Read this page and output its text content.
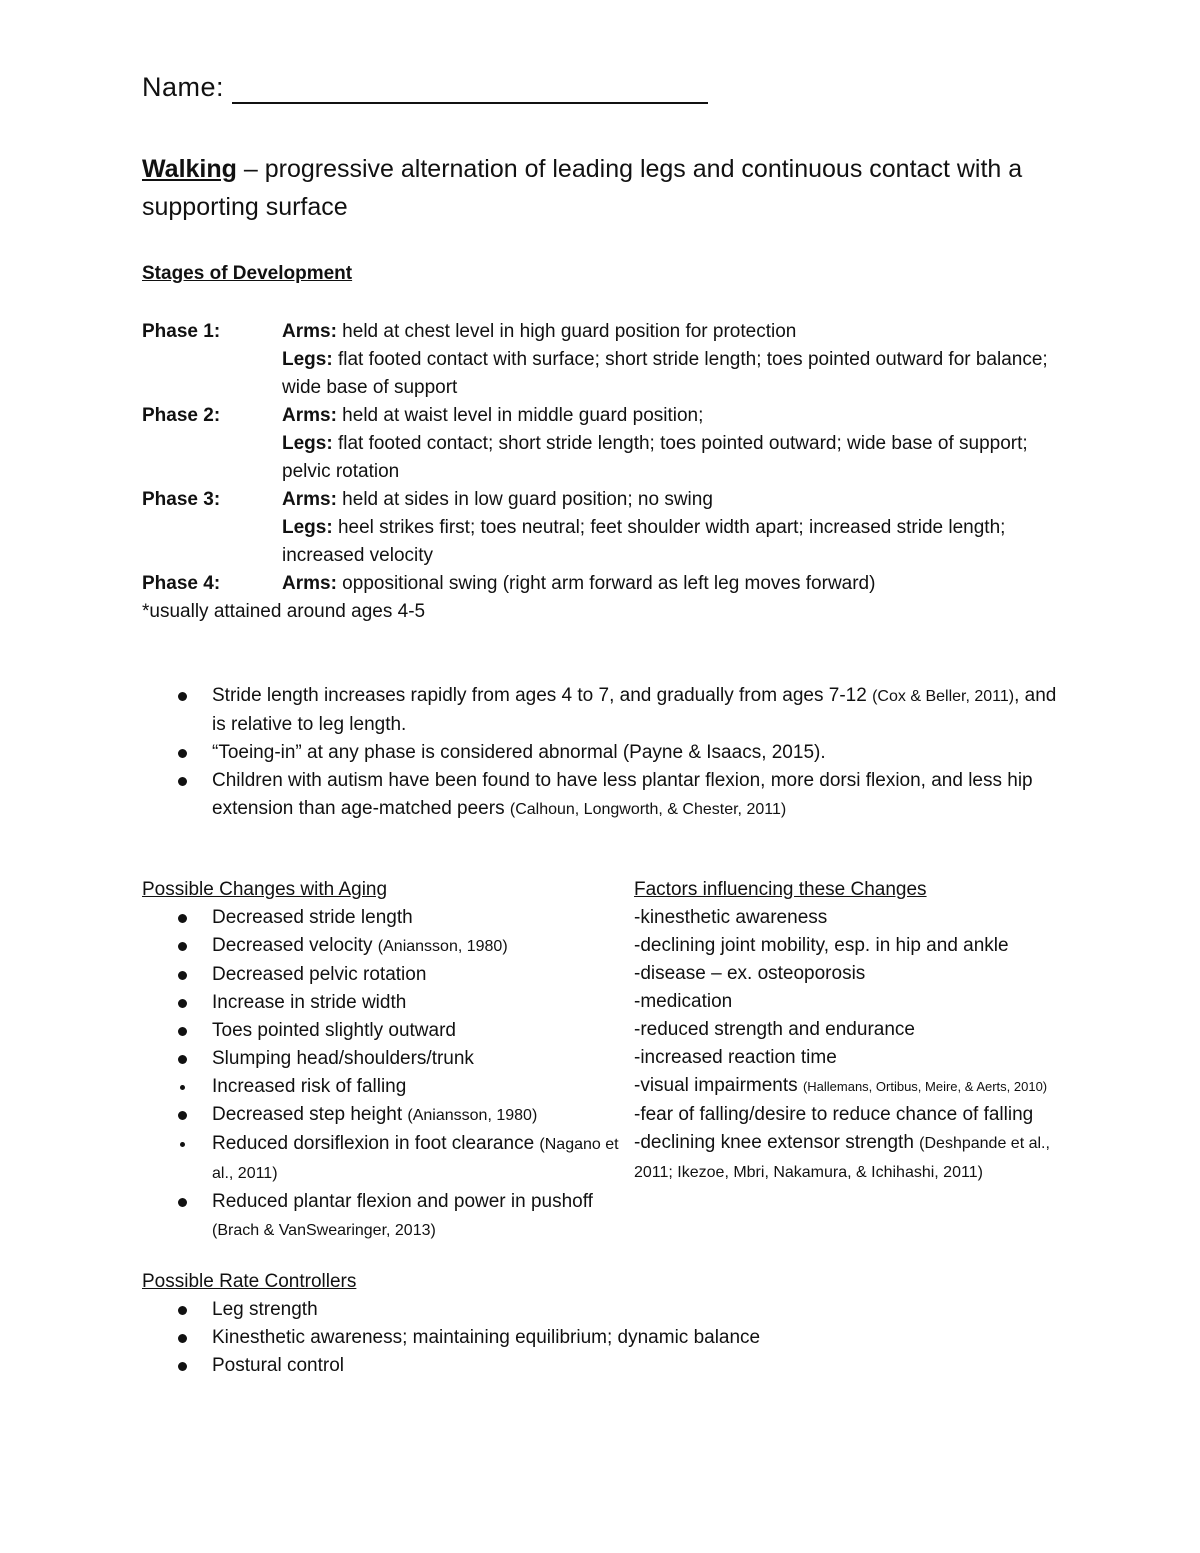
Name:
Walking – progressive alternation of leading legs and continuous contact with a supporting surface
Stages of Development
Phase 1:	Arms: held at chest level in high guard position for protection
Legs: flat footed contact with surface; short stride length; toes pointed outward for balance; wide base of support
Phase 2:	Arms: held at waist level in middle guard position;
Legs: flat footed contact; short stride length; toes pointed outward; wide base of support; pelvic rotation
Phase 3:	Arms: held at sides in low guard position; no swing
Legs: heel strikes first; toes neutral; feet shoulder width apart; increased stride length; increased velocity
Phase 4:	Arms: oppositional swing (right arm forward as left leg moves forward)
*usually attained around ages 4-5
Stride length increases rapidly from ages 4 to 7, and gradually from ages 7-12 (Cox & Beller, 2011), and is relative to leg length.
“Toeing-in” at any phase is considered abnormal (Payne & Isaacs, 2015).
Children with autism have been found to have less plantar flexion, more dorsi flexion, and less hip extension than age-matched peers (Calhoun, Longworth, & Chester, 2011)
Possible Changes with Aging
Decreased stride length
Decreased velocity (Aniansson, 1980)
Decreased pelvic rotation
Increase in stride width
Toes pointed slightly outward
Slumping head/shoulders/trunk
Increased risk of falling
Decreased step height (Aniansson, 1980)
Reduced dorsiflexion in foot clearance (Nagano et al., 2011)
Reduced plantar flexion and power in pushoff (Brach & VanSwearinger, 2013)
Factors influencing these Changes
-kinesthetic awareness
-declining joint mobility, esp. in hip and ankle
-disease – ex. osteoporosis
-medication
-reduced strength and endurance
-increased reaction time
-visual impairments (Hallemans, Ortibus, Meire, & Aerts, 2010)
-fear of falling/desire to reduce chance of falling
-declining knee extensor strength (Deshpande et al., 2011; Ikezoe, Mbri, Nakamura, & Ichihashi, 2011)
Possible Rate Controllers
Leg strength
Kinesthetic awareness; maintaining equilibrium; dynamic balance
Postural control
